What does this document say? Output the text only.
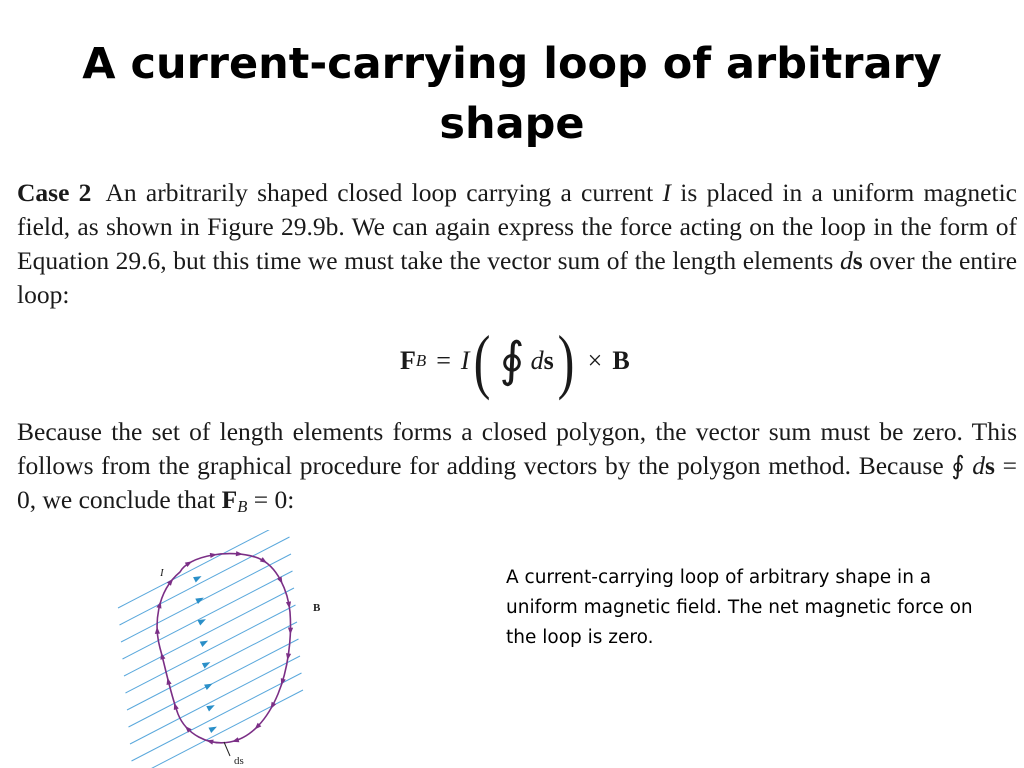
A current-carrying loop of arbitrary shape

Case 2 An arbitrarily shaped closed loop carrying a current I is placed in a uniform magnetic field, as shown in Figure 29.9b. We can again express the force acting on the loop in the form of Equation 29.6, but this time we must take the vector sum of the length elements ds over the entire loop:

F B = I ( ∮ d s ) × B

Because the set of length elements forms a closed polygon, the vector sum must be zero. This follows from the graphical procedure for adding vectors by the polygon method. Because ∮ ds = 0, we conclude that $F_B = 0$:

I
B
ds

A current-carrying loop of arbitrary shape in a uniform magnetic field. The net magnetic force on the loop is zero.
